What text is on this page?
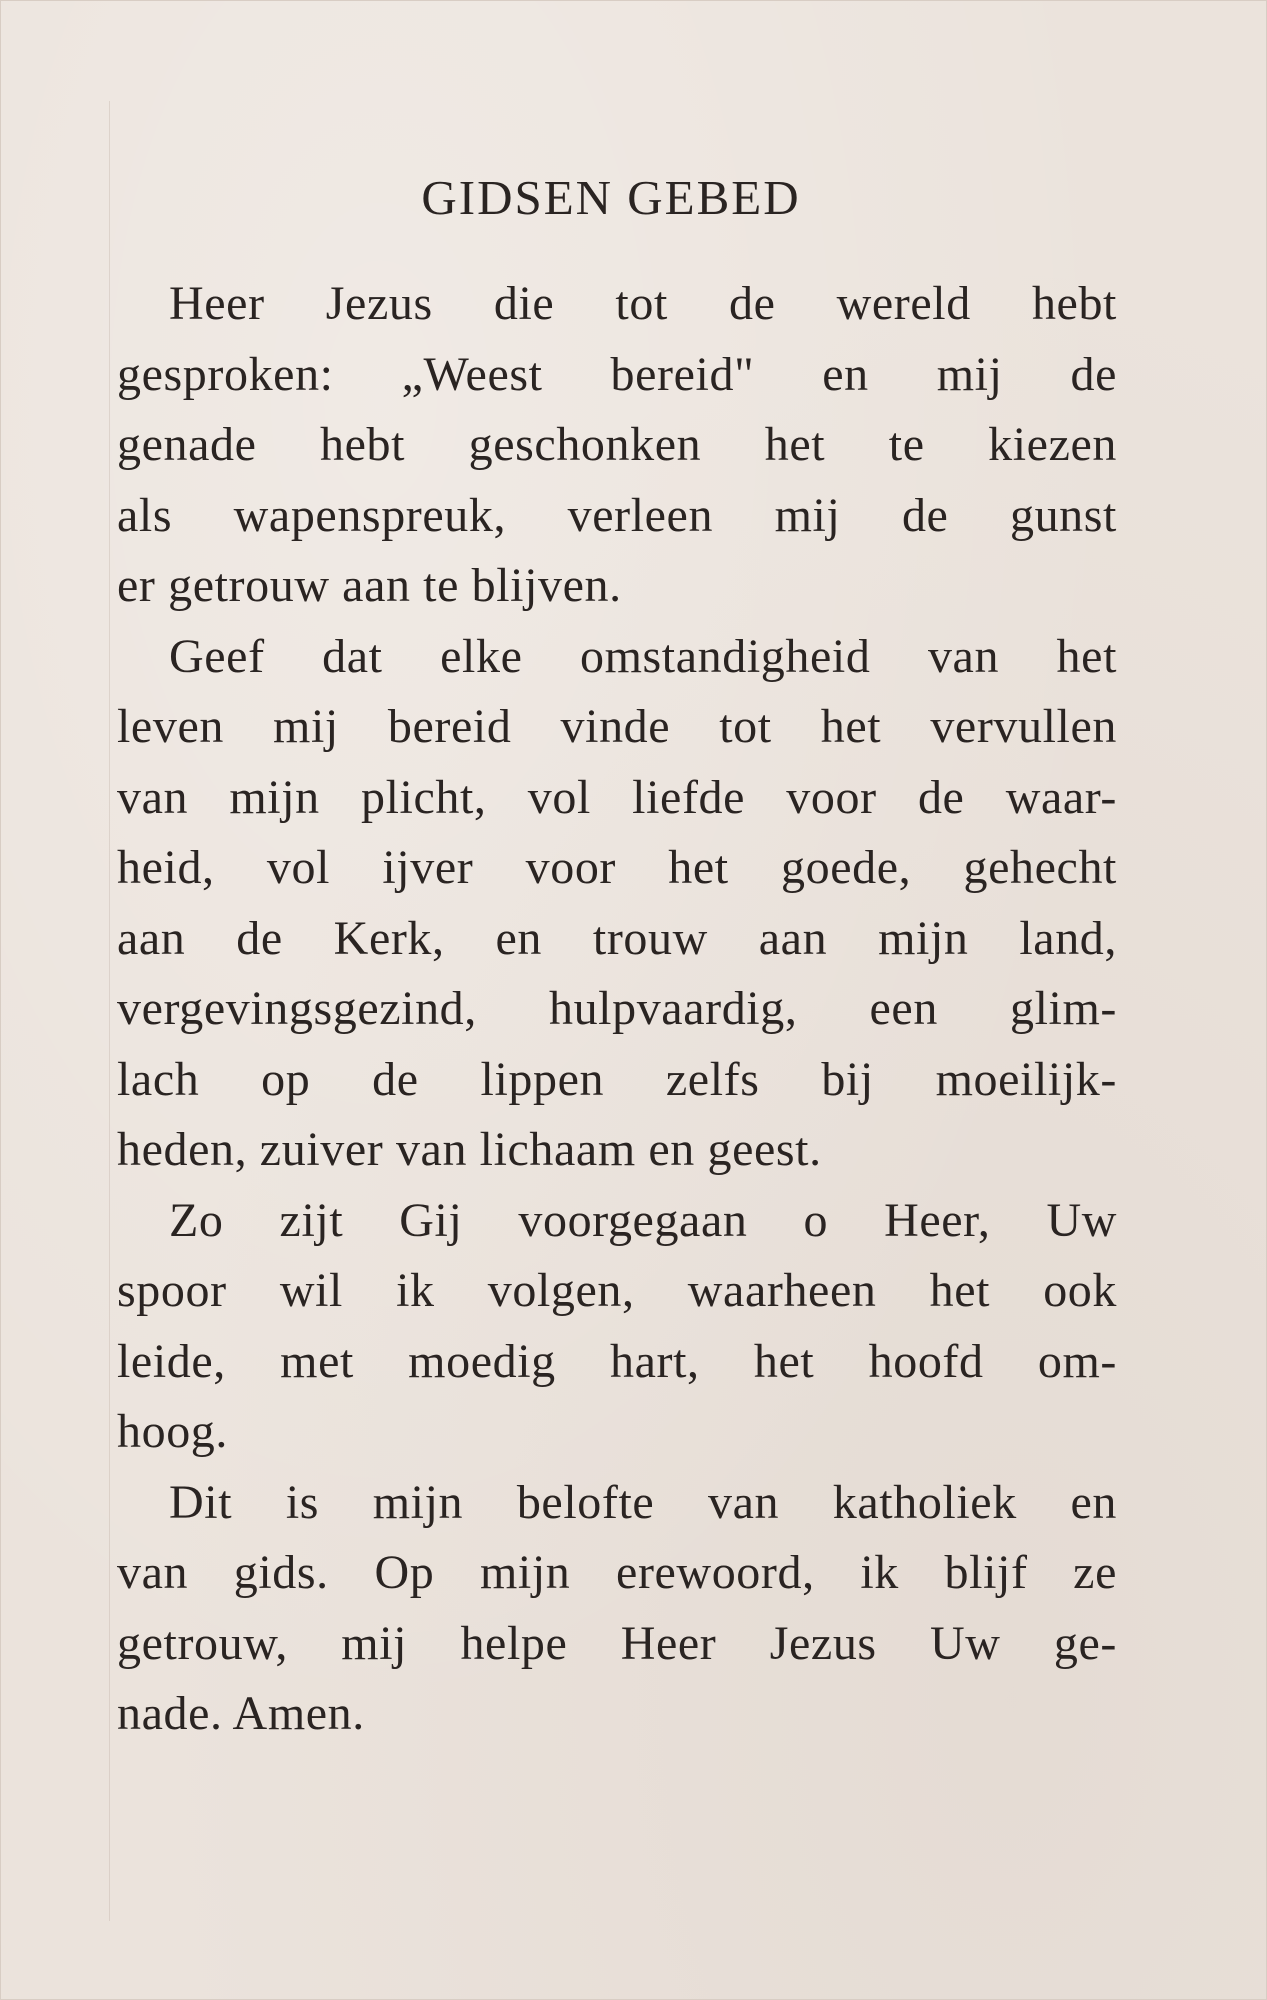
GIDSEN GEBED

Heer Jezus die tot de wereld hebt
gesproken: „Weest bereid" en mij de
genade hebt geschonken het te kiezen
als wapenspreuk, verleen mij de gunst
er getrouw aan te blijven.

Geef dat elke omstandigheid van het
leven mij bereid vinde tot het vervullen
van mijn plicht, vol liefde voor de waar-
heid, vol ijver voor het goede, gehecht
aan de Kerk, en trouw aan mijn land,
vergevingsgezind, hulpvaardig, een glim-
lach op de lippen zelfs bij moeilijk-
heden, zuiver van lichaam en geest.

Zo zijt Gij voorgegaan o Heer, Uw
spoor wil ik volgen, waarheen het ook
leide, met moedig hart, het hoofd om-
hoog.

Dit is mijn belofte van katholiek en
van gids. Op mijn erewoord, ik blijf ze
getrouw, mij helpe Heer Jezus Uw ge-
nade. Amen.
